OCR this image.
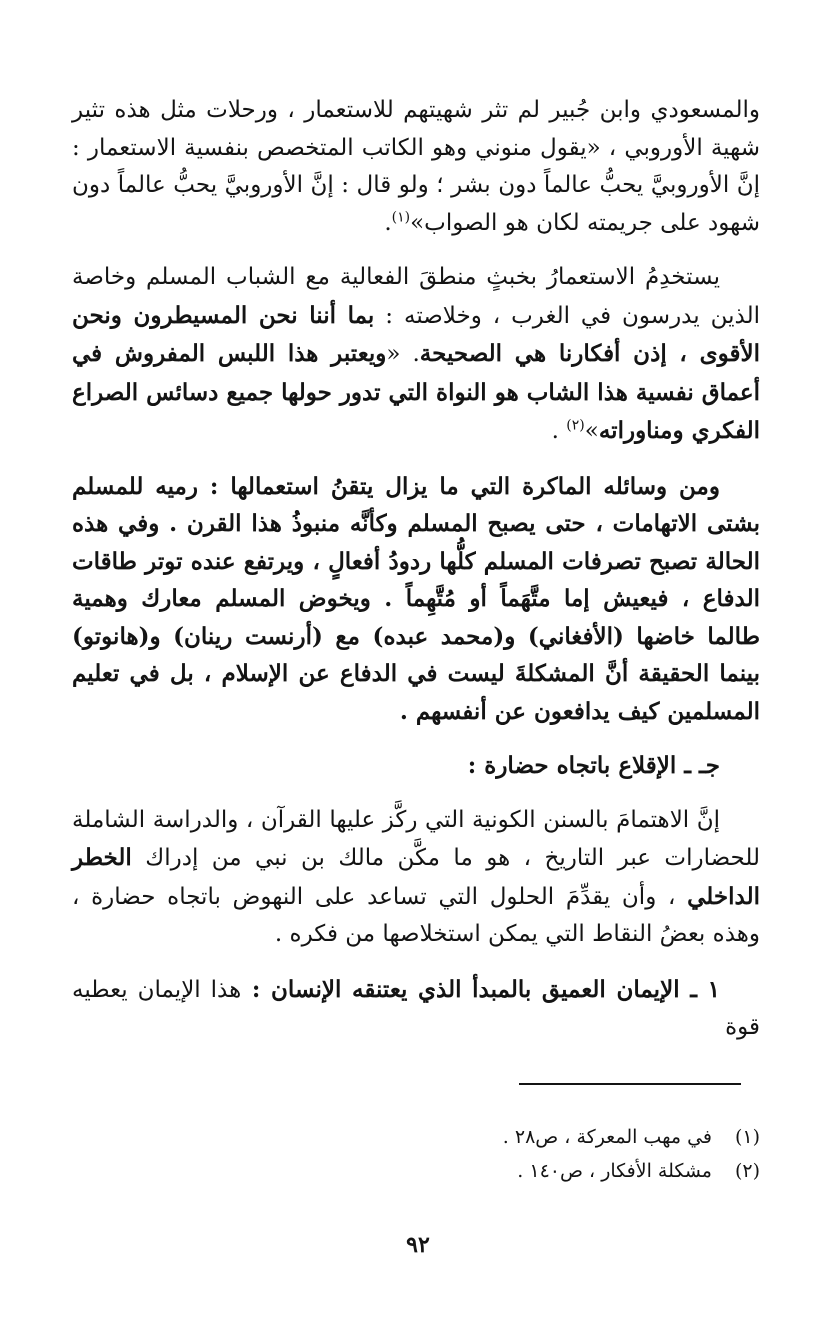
والمسعودي وابن جُبير لم تثر شهيتهم للاستعمار ، ورحلات مثل هذه تثير شهية الأوروبي ، «يقول منوني وهو الكاتب المتخصص بنفسية الاستعمار : إنَّ الأوروبيَّ يحبُّ عالماً دون بشر ؛ ولو قال : إنَّ الأوروبيَّ يحبُّ عالماً دون شهود على جريمته لكان هو الصواب»$^{(١)}$.

يستخدِمُ الاستعمارُ بخبثٍ منطقَ الفعالية مع الشباب المسلم وخاصة الذين يدرسون في الغرب ، وخلاصته : بما أننا نحن المسيطرون ونحن الأقوى ، إذن أفكارنا هي الصحيحة. «ويعتبر هذا اللبس المفروش في أعماق نفسية هذا الشاب هو النواة التي تدور حولها جميع دسائس الصراع الفكري ومناوراته»$^{(٢)}$ .

ومن وسائله الماكرة التي ما يزال يتقنُ استعمالها : رميه للمسلم بشتى الاتهامات ، حتى يصبح المسلم وكأنَّه منبوذُ هذا القرن . وفي هذه الحالة تصبح تصرفات المسلم كلُّها ردودُ أفعالٍ ، ويرتفع عنده توتر طاقات الدفاع ، فيعيش إما متَّهَماً أو مُتَّهِماً . ويخوض المسلم معارك وهمية طالما خاضها (الأفغاني) و(محمد عبده) مع (أرنست رينان) و(هانوتو) بينما الحقيقة أنَّ المشكلةَ ليست في الدفاع عن الإسلام ، بل في تعليم المسلمين كيف يدافعون عن أنفسهم .

جـ ـ الإقلاع باتجاه حضارة :

إنَّ الاهتمامَ بالسنن الكونية التي ركَّز عليها القرآن ، والدراسة الشاملة للحضارات عبر التاريخ ، هو ما مكَّن مالك بن نبي من إدراك الخطر الداخلي ، وأن يقدِّمَ الحلول التي تساعد على النهوض باتجاه حضارة ، وهذه بعضُ النقاط التي يمكن استخلاصها من فكره .

١ ـ الإيمان العميق بالمبدأ الذي يعتنقه الإنسان : هذا الإيمان يعطيه قوة

(١)
في مهب المعركة ، ص٢٨ .
(٢)
مشكلة الأفكار ، ص١٤٠ .
٩٢
